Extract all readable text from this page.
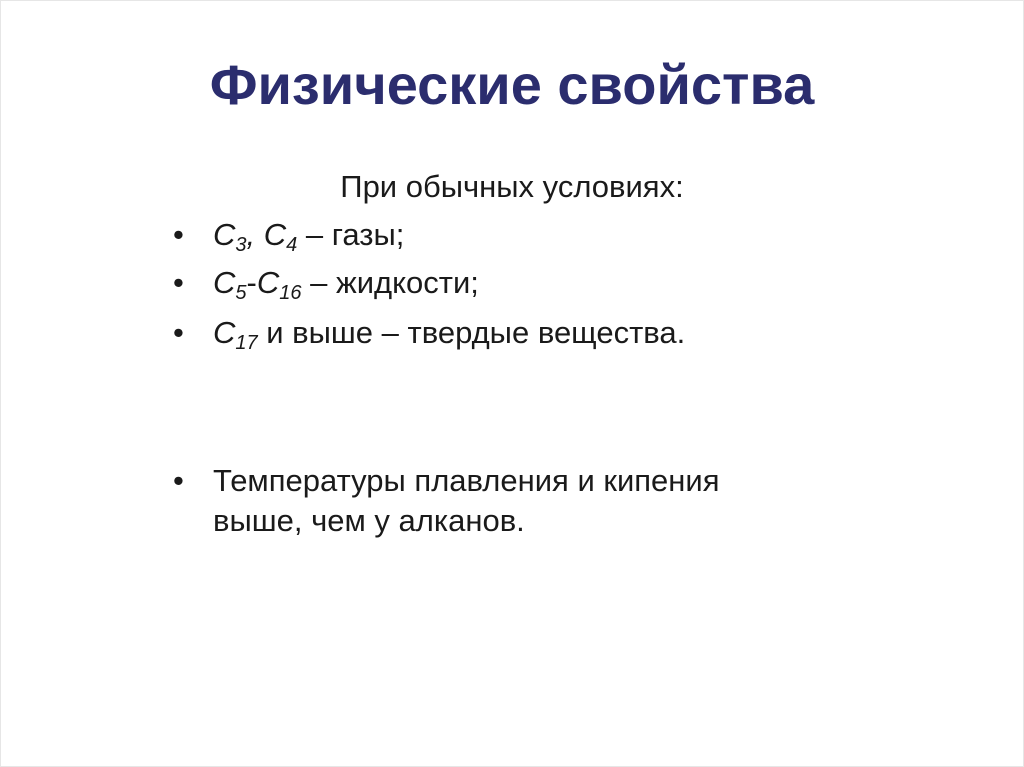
Физические свойства
При обычных условиях:
• $C_3$, $C_4$ – газы;
• $C_5-C_{16}$ – жидкости;
• $C_{17}$ и выше – твердые вещества.
• Температуры плавления и кипения выше, чем у алканов.
